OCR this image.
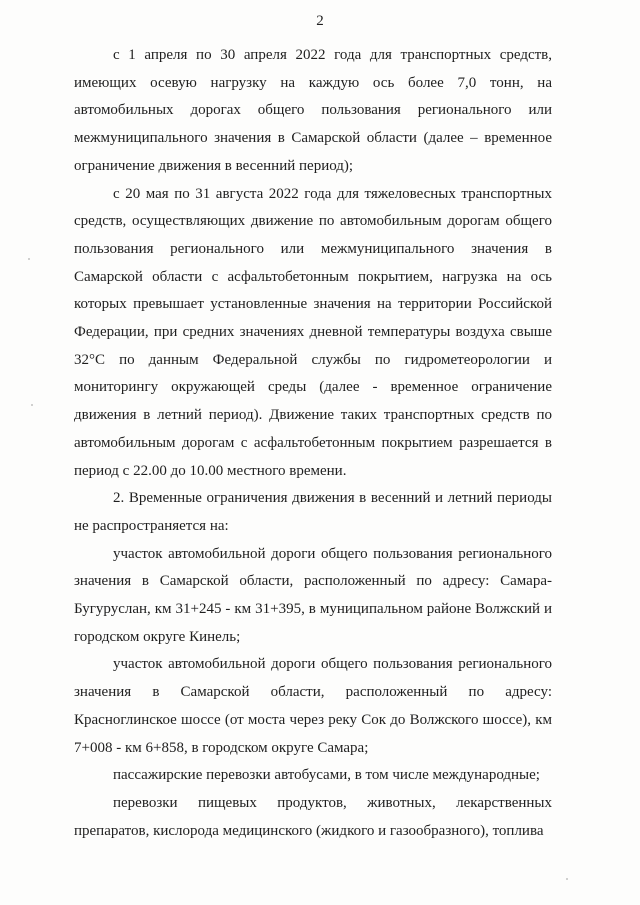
2

с 1 апреля по 30 апреля 2022 года для транспортных средств, имеющих осевую нагрузку на каждую ось более 7,0 тонн, на автомобильных дорогах общего пользования регионального или межмуниципального значения в Самарской области (далее – временное ограничение движения в весенний период);

с 20 мая по 31 августа 2022 года для тяжеловесных транспортных средств, осуществляющих движение по автомобильным дорогам общего пользования регионального или межмуниципального значения в Самарской области с асфальтобетонным покрытием, нагрузка на ось которых превышает установленные значения на территории Российской Федерации, при средних значениях дневной температуры воздуха свыше 32°С по данным Федеральной службы по гидрометеорологии и мониторингу окружающей среды (далее - временное ограничение движения в летний период). Движение таких транспортных средств по автомобильным дорогам с асфальтобетонным покрытием разрешается в период с 22.00 до 10.00 местного времени.

2. Временные ограничения движения в весенний и летний периоды не распространяется на:

участок автомобильной дороги общего пользования регионального значения в Самарской области, расположенный по адресу: Самара-Бугуруслан, км 31+245 - км 31+395, в муниципальном районе Волжский и городском округе Кинель;

участок автомобильной дороги общего пользования регионального значения в Самарской области, расположенный по адресу: Красноглинское шоссе (от моста через реку Сок до Волжского шоссе), км 7+008 - км 6+858, в городском округе Самара;

пассажирские перевозки автобусами, в том числе международные;

перевозки пищевых продуктов, животных, лекарственных препаратов, кислорода медицинского (жидкого и газообразного), топлива
